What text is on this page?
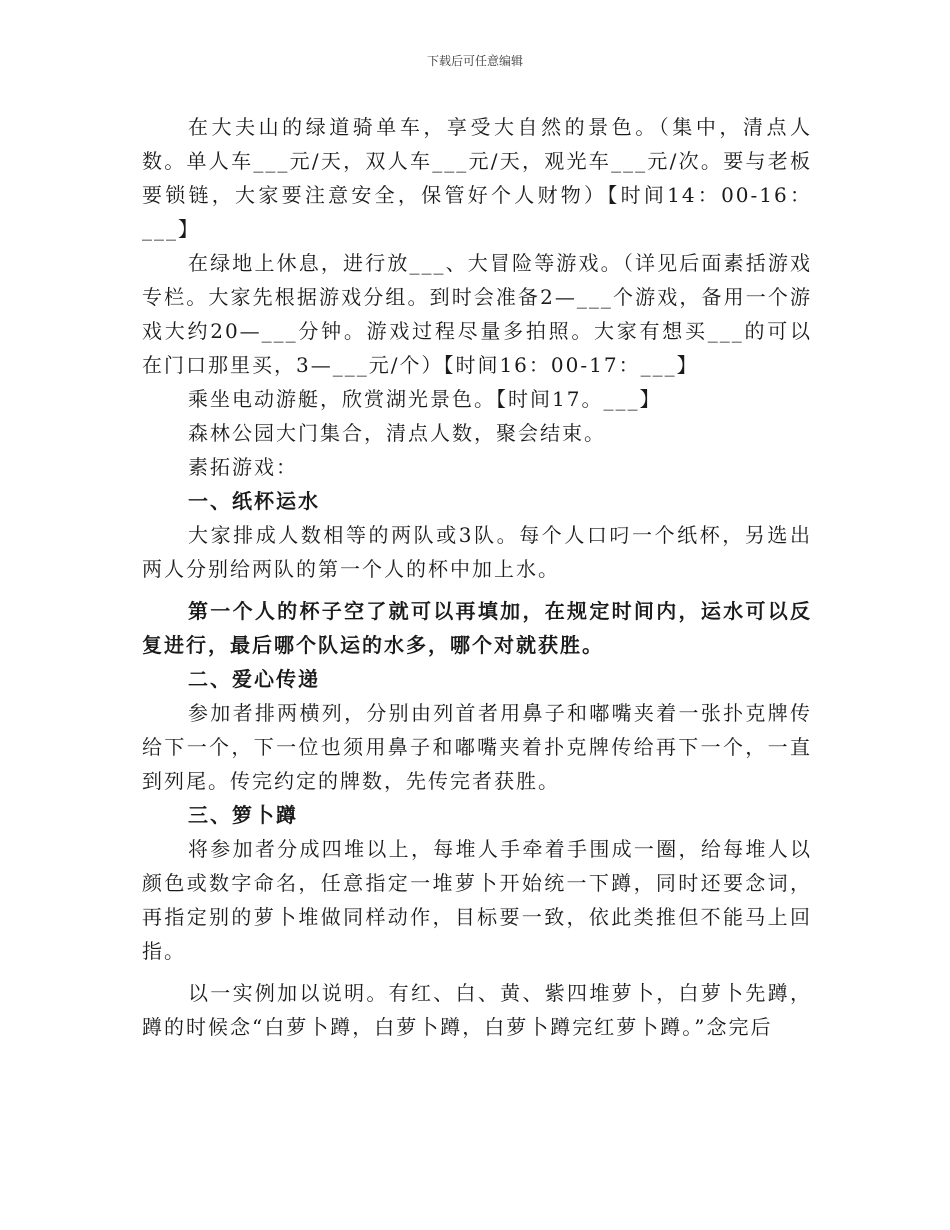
下载后可任意编辑

在大夫山的绿道骑单车，享受大自然的景色。（集中，清点人数。单人车___元/天，双人车___元/天，观光车___元/次。要与老板要锁链，大家要注意安全，保管好个人财物）【时间14：00-16：___】

在绿地上休息，进行放___、大冒险等游戏。（详见后面素括游戏专栏。大家先根据游戏分组。到时会准备2—___个游戏，备用一个游戏大约20—___分钟。游戏过程尽量多拍照。大家有想买___的可以在门口那里买，3—___元/个）【时间16：00-17：___】

乘坐电动游艇，欣赏湖光景色。【时间17。___】

森林公园大门集合，清点人数，聚会结束。

素拓游戏：

一、纸杯运水

大家排成人数相等的两队或3队。每个人口叼一个纸杯，另选出两人分别给两队的第一个人的杯中加上水。

第一个人的杯子空了就可以再填加，在规定时间内，运水可以反复进行，最后哪个队运的水多，哪个对就获胜。

二、爱心传递

参加者排两横列，分别由列首者用鼻子和嘟嘴夹着一张扑克牌传给下一个，下一位也须用鼻子和嘟嘴夹着扑克牌传给再下一个，一直到列尾。传完约定的牌数，先传完者获胜。

三、箩卜蹲

将参加者分成四堆以上，每堆人手牵着手围成一圈，给每堆人以颜色或数字命名，任意指定一堆萝卜开始统一下蹲，同时还要念词，再指定别的萝卜堆做同样动作，目标要一致，依此类推但不能马上回指。

以一实例加以说明。有红、白、黄、紫四堆萝卜，白萝卜先蹲，蹲的时候念“白萝卜蹲，白萝卜蹲，白萝卜蹲完红萝卜蹲。”念完后
